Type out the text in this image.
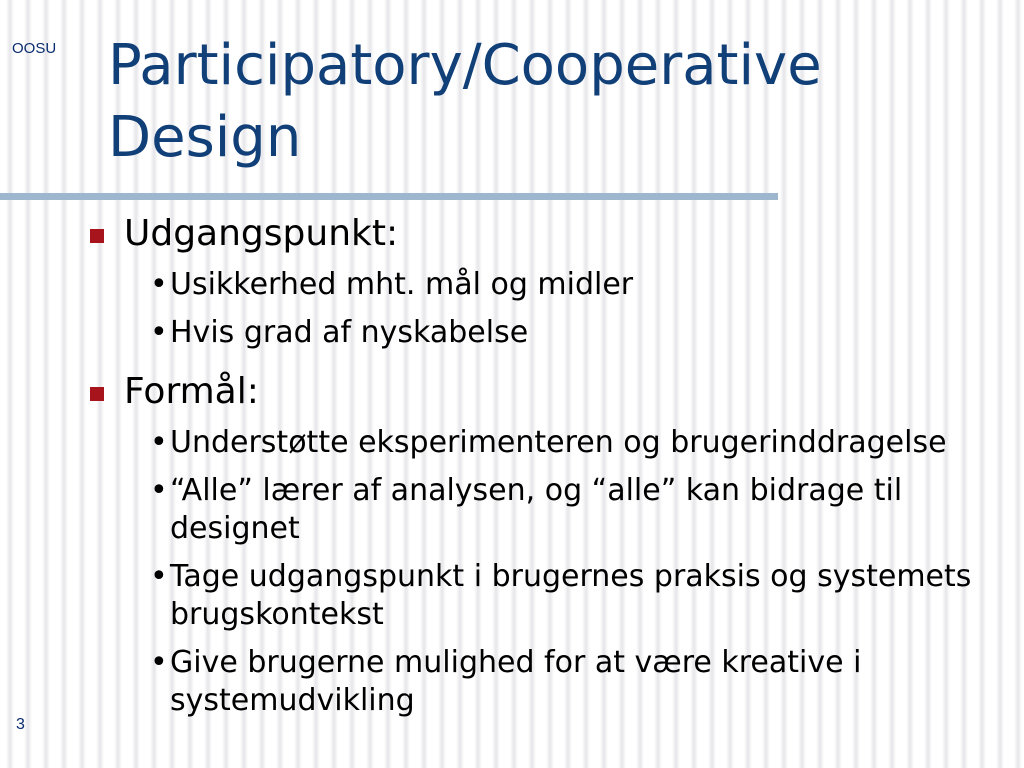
OOSU Participatory/Cooperative Design
Udgangspunkt:
• Usikkerhed mht. mål og midler
• Hvis grad af nyskabelse
Formål:
• Understøtte eksperimenteren og brugerinddragelse
• “Alle” lærer af analysen, og “alle” kan bidrage til designet
• Tage udgangspunkt i brugernes praksis og systemets brugskontekst
• Give brugerne mulighed for at være kreative i systemudvikling
3
